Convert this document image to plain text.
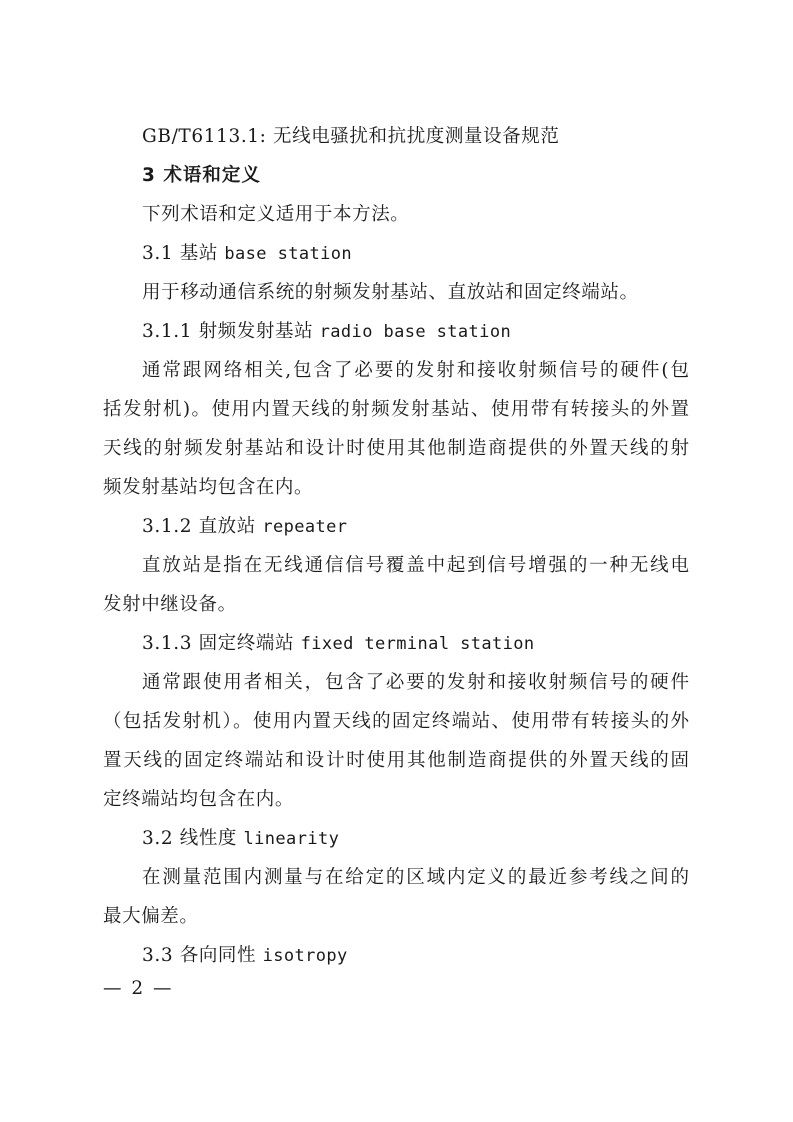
GB/T6113.1: 无线电骚扰和抗扰度测量设备规范
3 术语和定义
下列术语和定义适用于本方法。
3.1 基站 base station
用于移动通信系统的射频发射基站、直放站和固定终端站。
3.1.1 射频发射基站 radio base station
通常跟网络相关,包含了必要的发射和接收射频信号的硬件(包
括发射机)。使用内置天线的射频发射基站、使用带有转接头的外置
天线的射频发射基站和设计时使用其他制造商提供的外置天线的射
频发射基站均包含在内。
3.1.2 直放站 repeater
直放站是指在无线通信信号覆盖中起到信号增强的一种无线电
发射中继设备。
3.1.3 固定终端站 fixed terminal station
通常跟使用者相关，包含了必要的发射和接收射频信号的硬件
（包括发射机）。使用内置天线的固定终端站、使用带有转接头的外
置天线的固定终端站和设计时使用其他制造商提供的外置天线的固
定终端站均包含在内。
3.2 线性度 linearity
在测量范围内测量与在给定的区域内定义的最近参考线之间的
最大偏差。
3.3 各向同性 isotropy
— 2 —
